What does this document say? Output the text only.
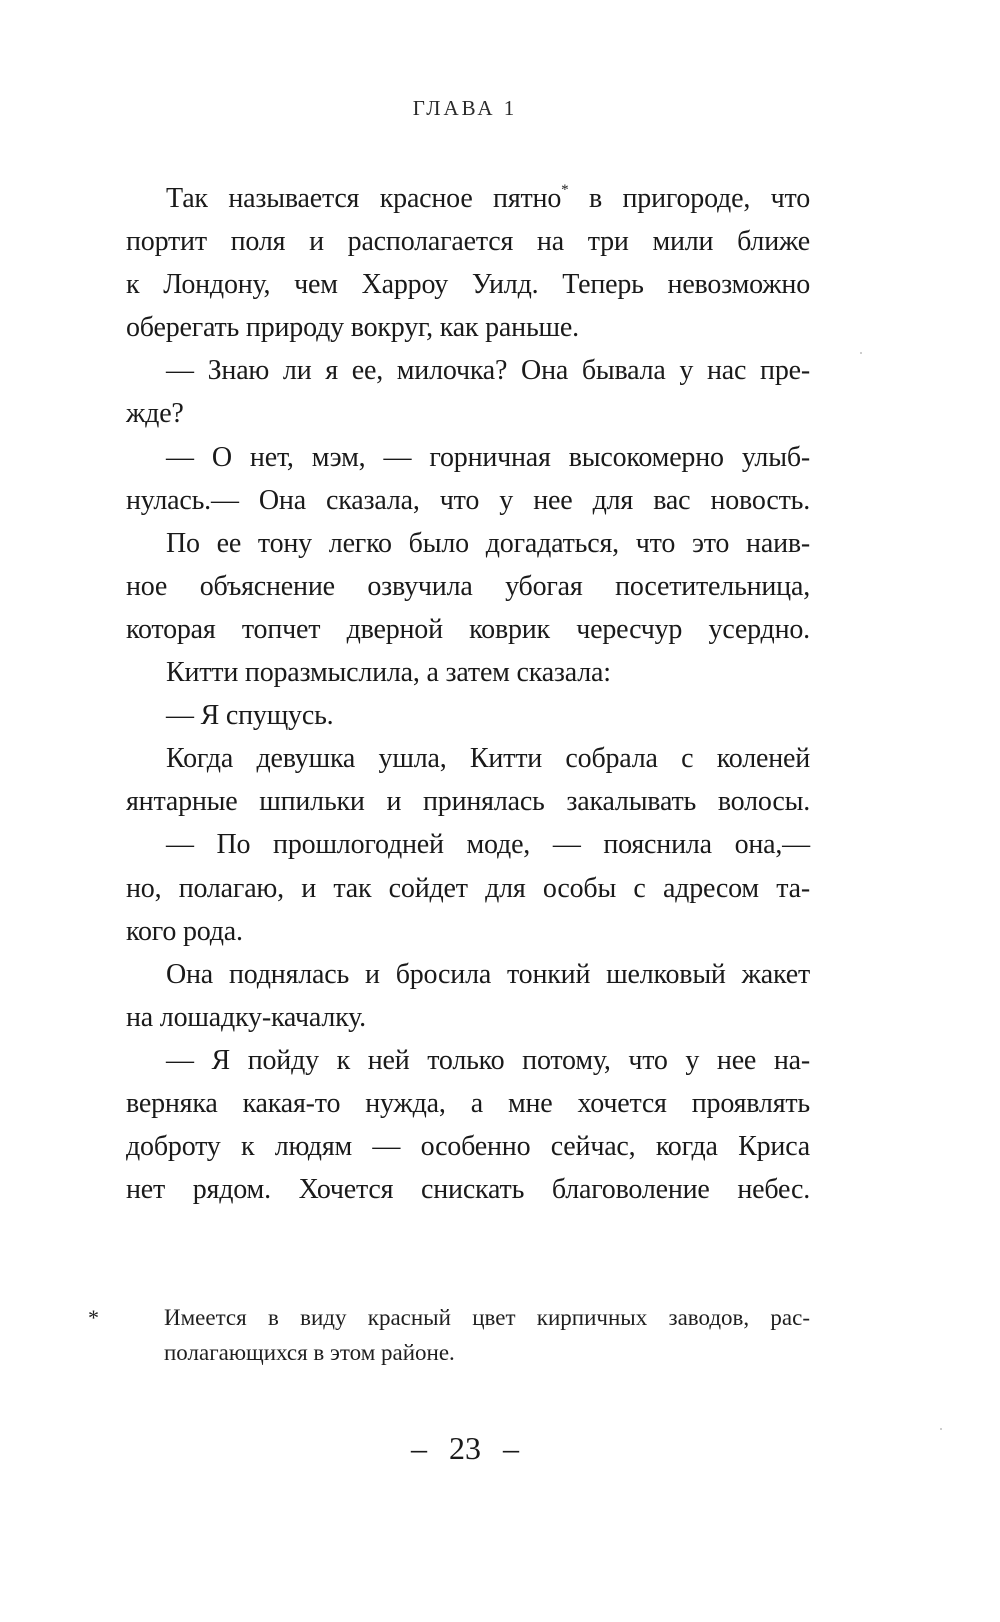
ГЛАВА 1
Так называется красное пятно* в пригороде, что
портит поля и располагается на три мили ближе
к Лондону, чем Харроу Уилд. Теперь невозможно
оберегать природу вокруг, как раньше.
— Знаю ли я ее, милочка? Она бывала у нас пре-
жде?
— О нет, мэм, — горничная высокомерно улыб-
нулась.— Она сказала, что у нее для вас новость.
По ее тону легко было догадаться, что это наив-
ное объяснение озвучила убогая посетительница,
которая топчет дверной коврик чересчур усердно.
Китти поразмыслила, а затем сказала:
— Я спущусь.
Когда девушка ушла, Китти собрала с коленей
янтарные шпильки и принялась закалывать волосы.
— По прошлогодней моде, — пояснила она,—
но, полагаю, и так сойдет для особы с адресом та-
кого рода.
Она поднялась и бросила тонкий шелковый жакет
на лошадку-качалку.
— Я пойду к ней только потому, что у нее на-
верняка какая-то нужда, а мне хочется проявлять
доброту к людям — особенно сейчас, когда Криса
нет рядом. Хочется снискать благоволение небес.
*	Имеется в виду красный цвет кирпичных заводов, рас-
полагающихся в этом районе.
– 23 –
